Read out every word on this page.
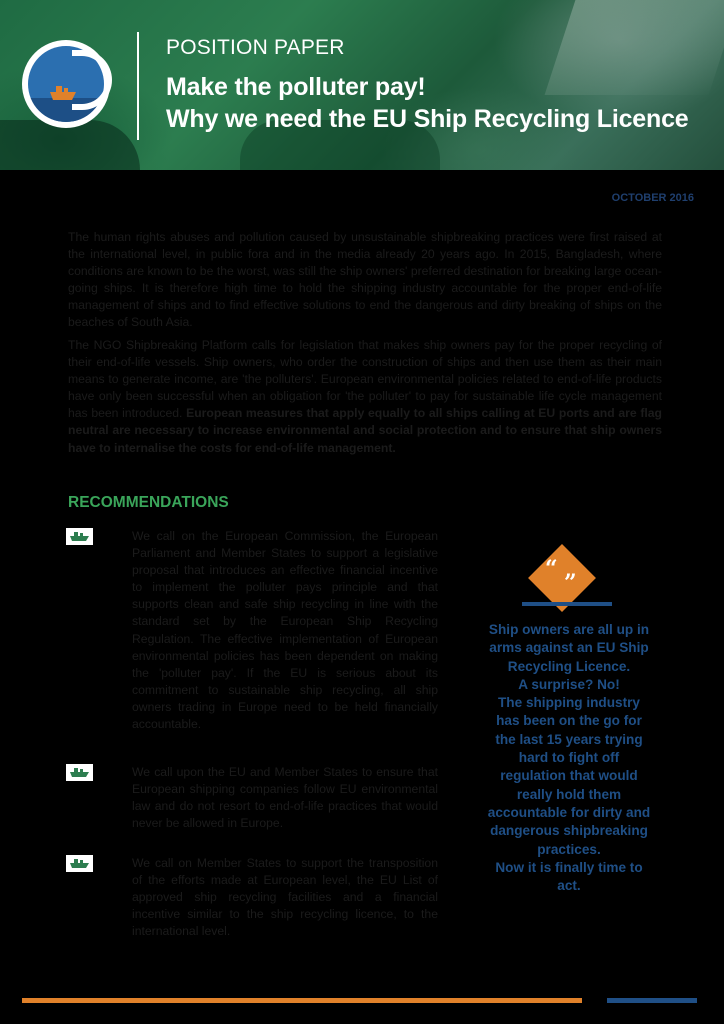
POSITION PAPER
Make the polluter pay!
Why we need the EU Ship Recycling Licence
OCTOBER 2016

The human rights abuses and pollution caused by unsustainable shipbreaking practices were first raised at the international level, in public fora and in the media already 20 years ago. In 2015, Bangladesh, where conditions are known to be the worst, was still the ship owners' preferred destination for breaking large ocean-going ships. It is therefore high time to hold the shipping industry accountable for the proper end-of-life management of ships and to find effective solutions to end the dangerous and dirty breaking of ships on the beaches of South Asia.

The NGO Shipbreaking Platform calls for legislation that makes ship owners pay for the proper recycling of their end-of-life vessels. Ship owners, who order the construction of ships and then use them as their main means to generate income, are 'the polluters'. European environmental policies related to end-of-life products have only been successful when an obligation for 'the polluter' to pay for sustainable life cycle management has been introduced. European measures that apply equally to all ships calling at EU ports and are flag neutral are necessary to increase environmental and social protection and to ensure that ship owners have to internalise the costs for end-of-life management.

RECOMMENDATIONS

We call on the European Commission, the European Parliament and Member States to support a legislative proposal that introduces an effective financial incentive to implement the polluter pays principle and that supports clean and safe ship recycling in line with the standard set by the European Ship Recycling Regulation. The effective implementation of European environmental policies has been dependent on making the 'polluter pay'. If the EU is serious about its commitment to sustainable ship recycling, all ship owners trading in Europe need to be held financially accountable.

We call upon the EU and Member States to ensure that European shipping companies follow EU environmental law and do not resort to end-of-life practices that would never be allowed in Europe.

We call on Member States to support the transposition of the efforts made at European level, the EU List of approved ship recycling facilities and a financial incentive similar to the ship recycling licence, to the international level.

“
”

Ship owners are all up in
arms against an EU Ship
Recycling Licence.
A surprise? No!
The shipping industry
has been on the go for
the last 15 years trying
hard to fight off
regulation that would
really hold them
accountable for dirty and
dangerous shipbreaking
practices.
Now it is finally time to
act.
